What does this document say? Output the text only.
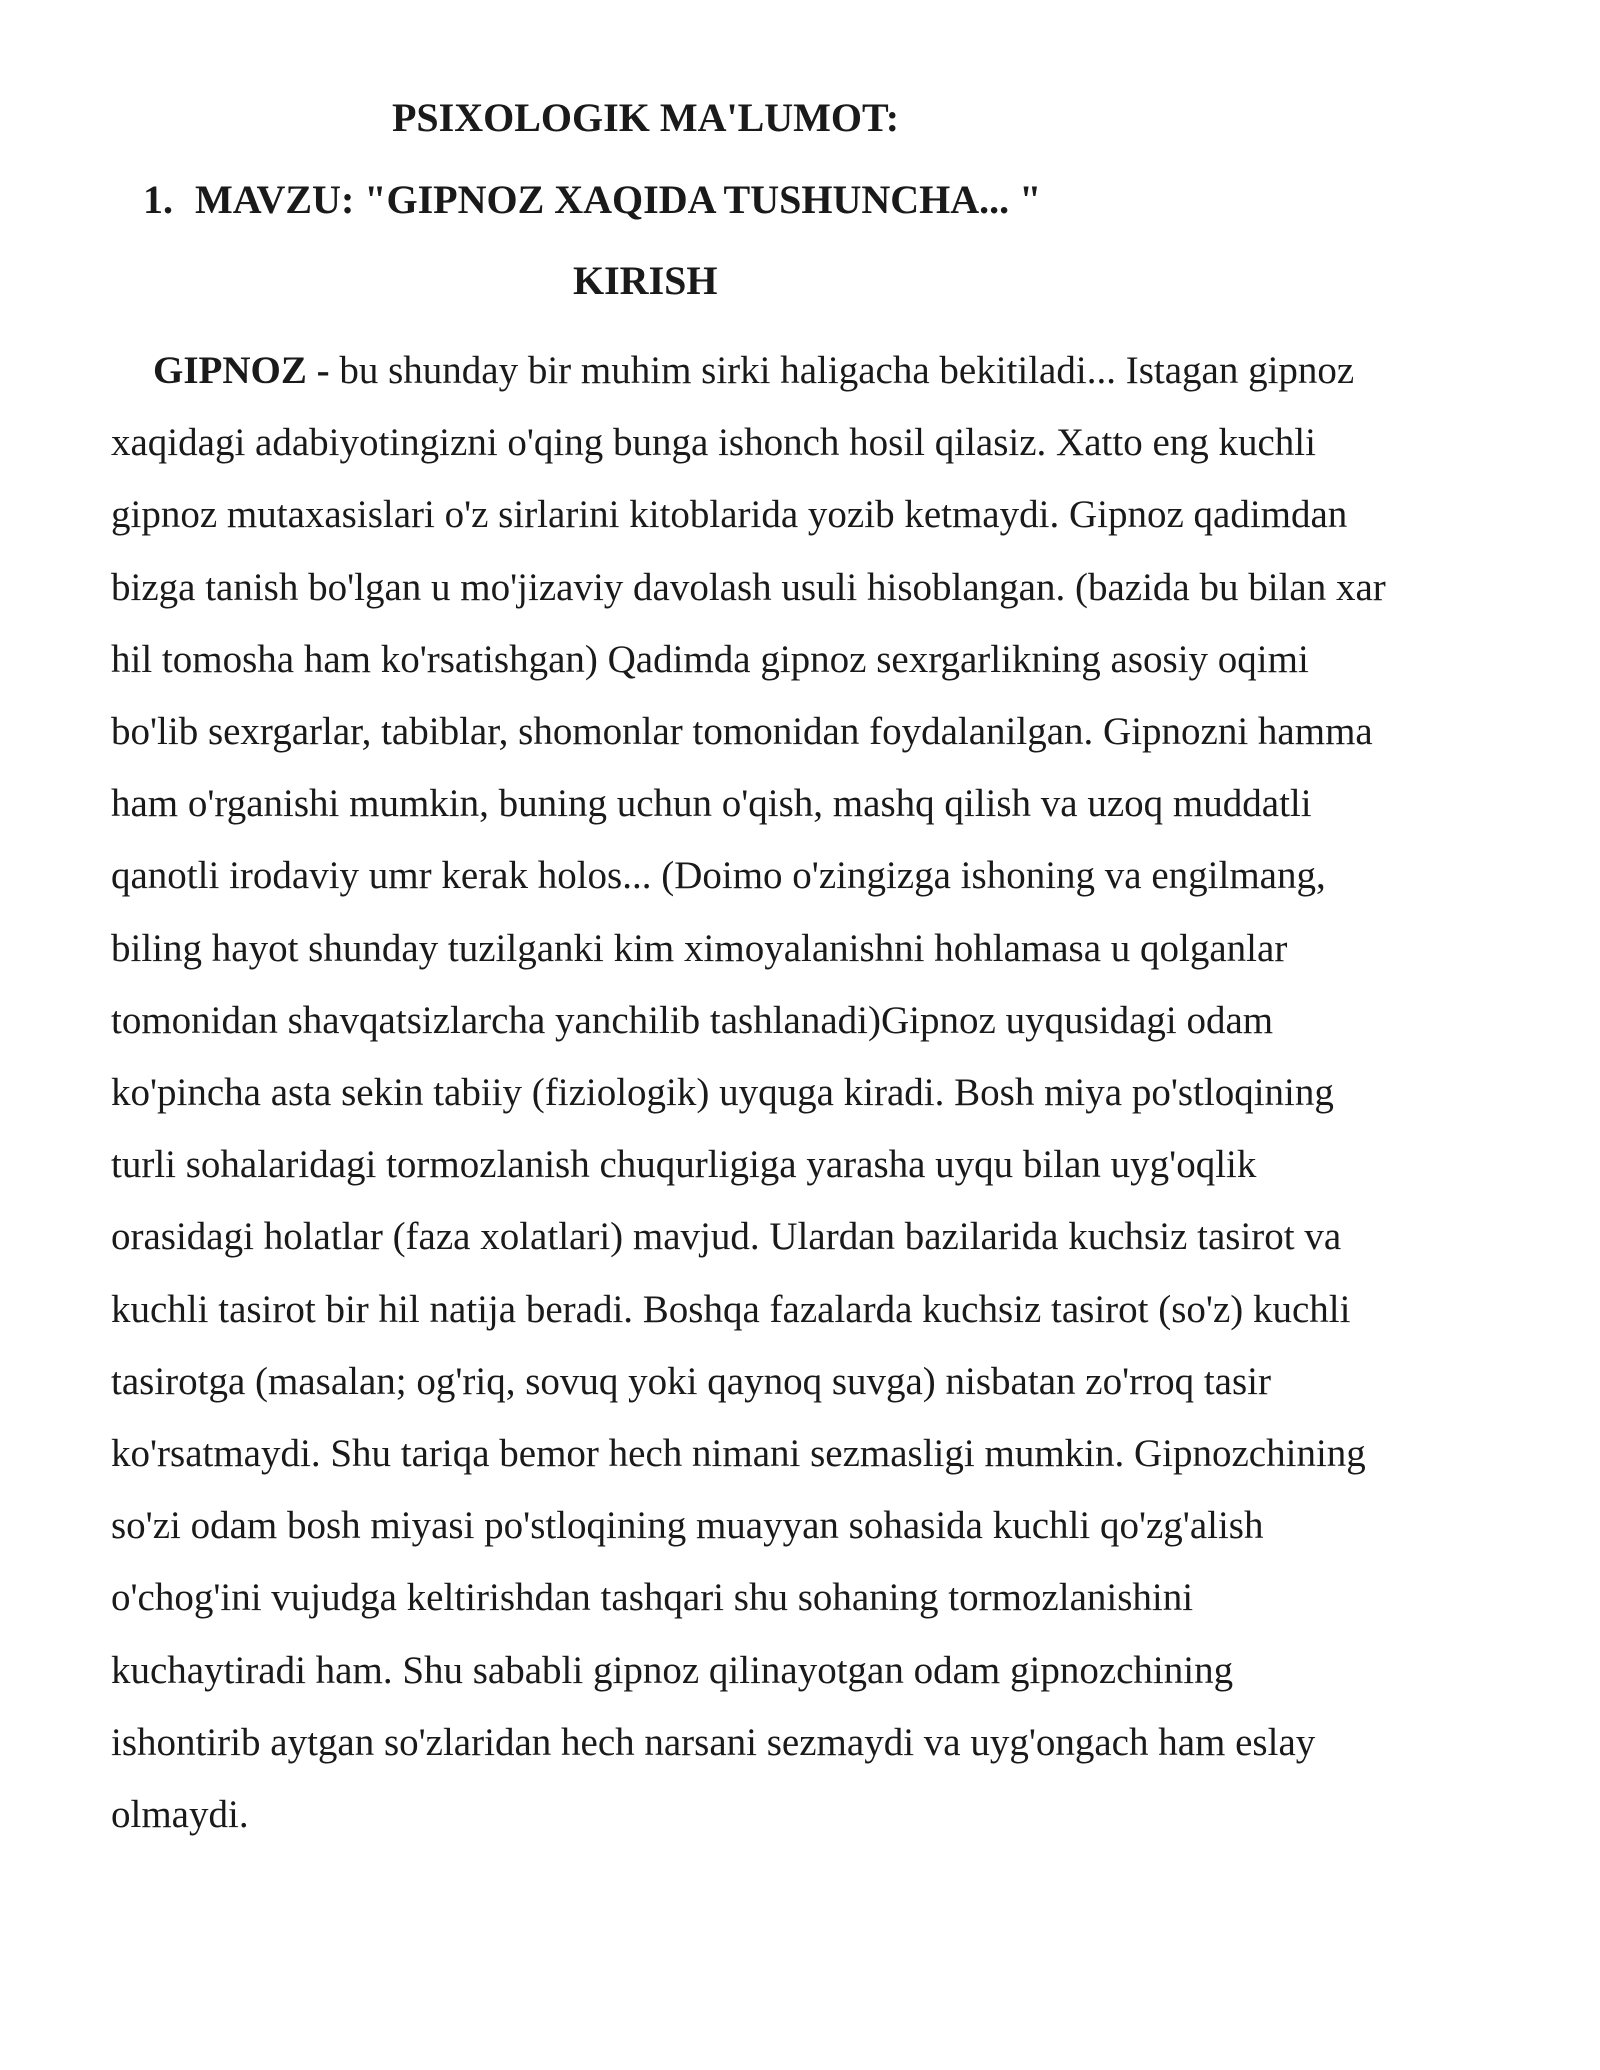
PSIXOLOGIK MA'LUMOT:
1. MAVZU: "GIPNOZ XAQIDA TUSHUNCHA... "
KIRISH

GIPNOZ - bu shunday bir muhim sirki haligacha bekitiladi... Istagan gipnoz
xaqidagi adabiyotingizni o'qing bunga ishonch hosil qilasiz. Xatto eng kuchli
gipnoz mutaxasislari o'z sirlarini kitoblarida yozib ketmaydi. Gipnoz qadimdan
bizga tanish bo'lgan u mo'jizaviy davolash usuli hisoblangan. (bazida bu bilan xar
hil tomosha ham ko'rsatishgan) Qadimda gipnoz sexrgarlikning asosiy oqimi
bo'lib sexrgarlar, tabiblar, shomonlar tomonidan foydalanilgan. Gipnozni hamma
ham o'rganishi mumkin, buning uchun o'qish, mashq qilish va uzoq muddatli
qanotli irodaviy umr kerak holos... (Doimo o'zingizga ishoning va engilmang,
biling hayot shunday tuzilganki kim ximoyalanishni hohlamasa u qolganlar
tomonidan shavqatsizlarcha yanchilib tashlanadi)Gipnoz uyqusidagi odam
ko'pincha asta sekin tabiiy (fiziologik) uyquga kiradi. Bosh miya po'stloqining
turli sohalaridagi tormozlanish chuqurligiga yarasha uyqu bilan uyg'oqlik
orasidagi holatlar (faza xolatlari) mavjud. Ulardan bazilarida kuchsiz tasirot va
kuchli tasirot bir hil natija beradi. Boshqa fazalarda kuchsiz tasirot (so'z) kuchli
tasirotga (masalan; og'riq, sovuq yoki qaynoq suvga) nisbatan zo'rroq tasir
ko'rsatmaydi. Shu tariqa bemor hech nimani sezmasligi mumkin. Gipnozchining
so'zi odam bosh miyasi po'stloqining muayyan sohasida kuchli qo'zg'alish
o'chog'ini vujudga keltirishdan tashqari shu sohaning tormozlanishini
kuchaytiradi ham. Shu sababli gipnoz qilinayotgan odam gipnozchining
ishontirib aytgan so'zlaridan hech narsani sezmaydi va uyg'ongach ham eslay
olmaydi.
